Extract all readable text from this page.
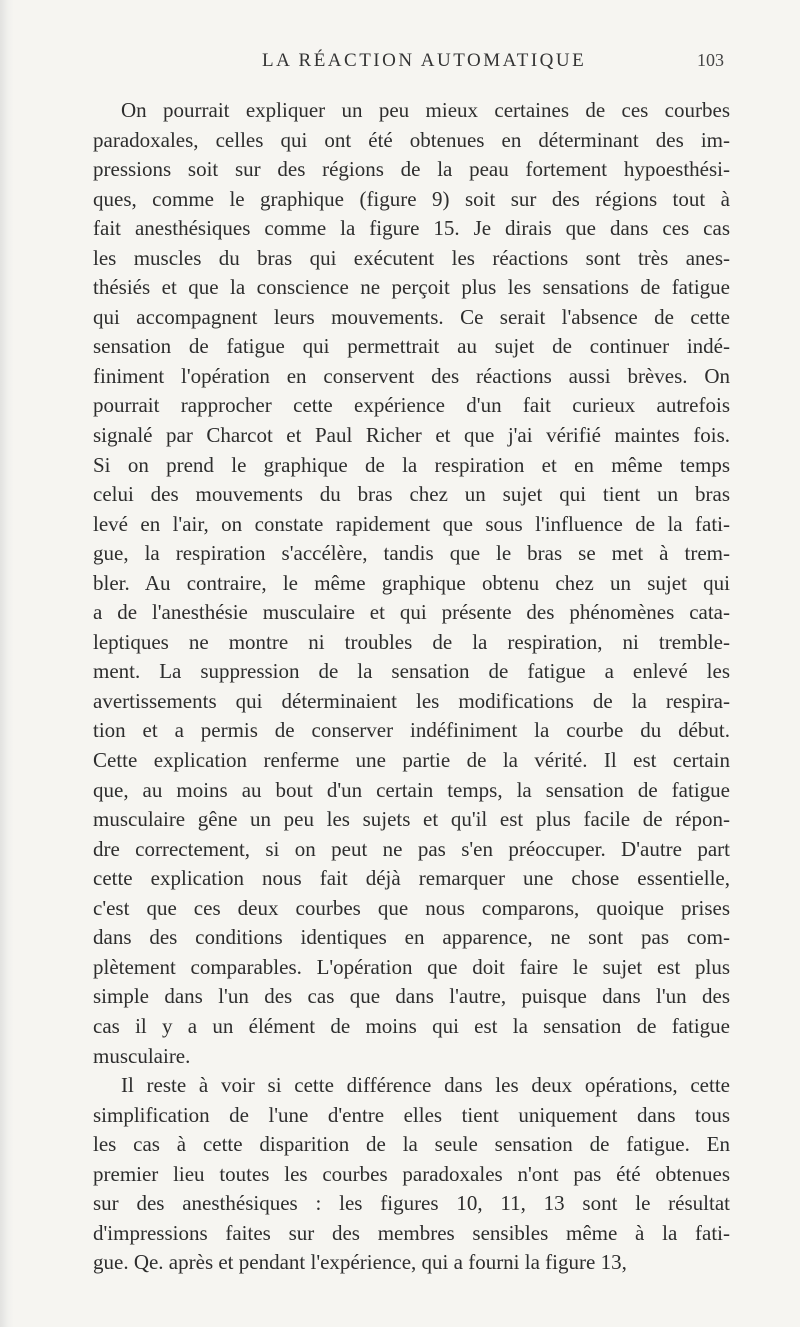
LA RÉACTION AUTOMATIQUE	103
On pourrait expliquer un peu mieux certaines de ces courbes
paradoxales, celles qui ont été obtenues en déterminant des im-
pressions soit sur des régions de la peau fortement hypoesthési-
ques, comme le graphique (figure 9) soit sur des régions tout à
fait anesthésiques comme la figure 15. Je dirais que dans ces cas
les muscles du bras qui exécutent les réactions sont très anes-
thésiés et que la conscience ne perçoit plus les sensations de fatigue
qui accompagnent leurs mouvements. Ce serait l'absence de cette
sensation de fatigue qui permettrait au sujet de continuer indé-
finiment l'opération en conservent des réactions aussi brèves. On
pourrait rapprocher cette expérience d'un fait curieux autrefois
signalé par Charcot et Paul Richer et que j'ai vérifié maintes fois.
Si on prend le graphique de la respiration et en même temps
celui des mouvements du bras chez un sujet qui tient un bras
levé en l'air, on constate rapidement que sous l'influence de la fati-
gue, la respiration s'accélère, tandis que le bras se met à trem-
bler. Au contraire, le même graphique obtenu chez un sujet qui
a de l'anesthésie musculaire et qui présente des phénomènes cata-
leptiques ne montre ni troubles de la respiration, ni tremble-
ment. La suppression de la sensation de fatigue a enlevé les
avertissements qui déterminaient les modifications de la respira-
tion et a permis de conserver indéfiniment la courbe du début.
Cette explication renferme une partie de la vérité. Il est certain
que, au moins au bout d'un certain temps, la sensation de fatigue
musculaire gêne un peu les sujets et qu'il est plus facile de répon-
dre correctement, si on peut ne pas s'en préoccuper. D'autre part
cette explication nous fait déjà remarquer une chose essentielle,
c'est que ces deux courbes que nous comparons, quoique prises
dans des conditions identiques en apparence, ne sont pas com-
plètement comparables. L'opération que doit faire le sujet est plus
simple dans l'un des cas que dans l'autre, puisque dans l'un des
cas il y a un élément de moins qui est la sensation de fatigue
musculaire.
Il reste à voir si cette différence dans les deux opérations, cette
simplification de l'une d'entre elles tient uniquement dans tous
les cas à cette disparition de la seule sensation de fatigue. En
premier lieu toutes les courbes paradoxales n'ont pas été obtenues
sur des anesthésiques : les figures 10, 11, 13 sont le résultat
d'impressions faites sur des membres sensibles même à la fati-
gue. Qe. après et pendant l'expérience, qui a fourni la figure 13,
